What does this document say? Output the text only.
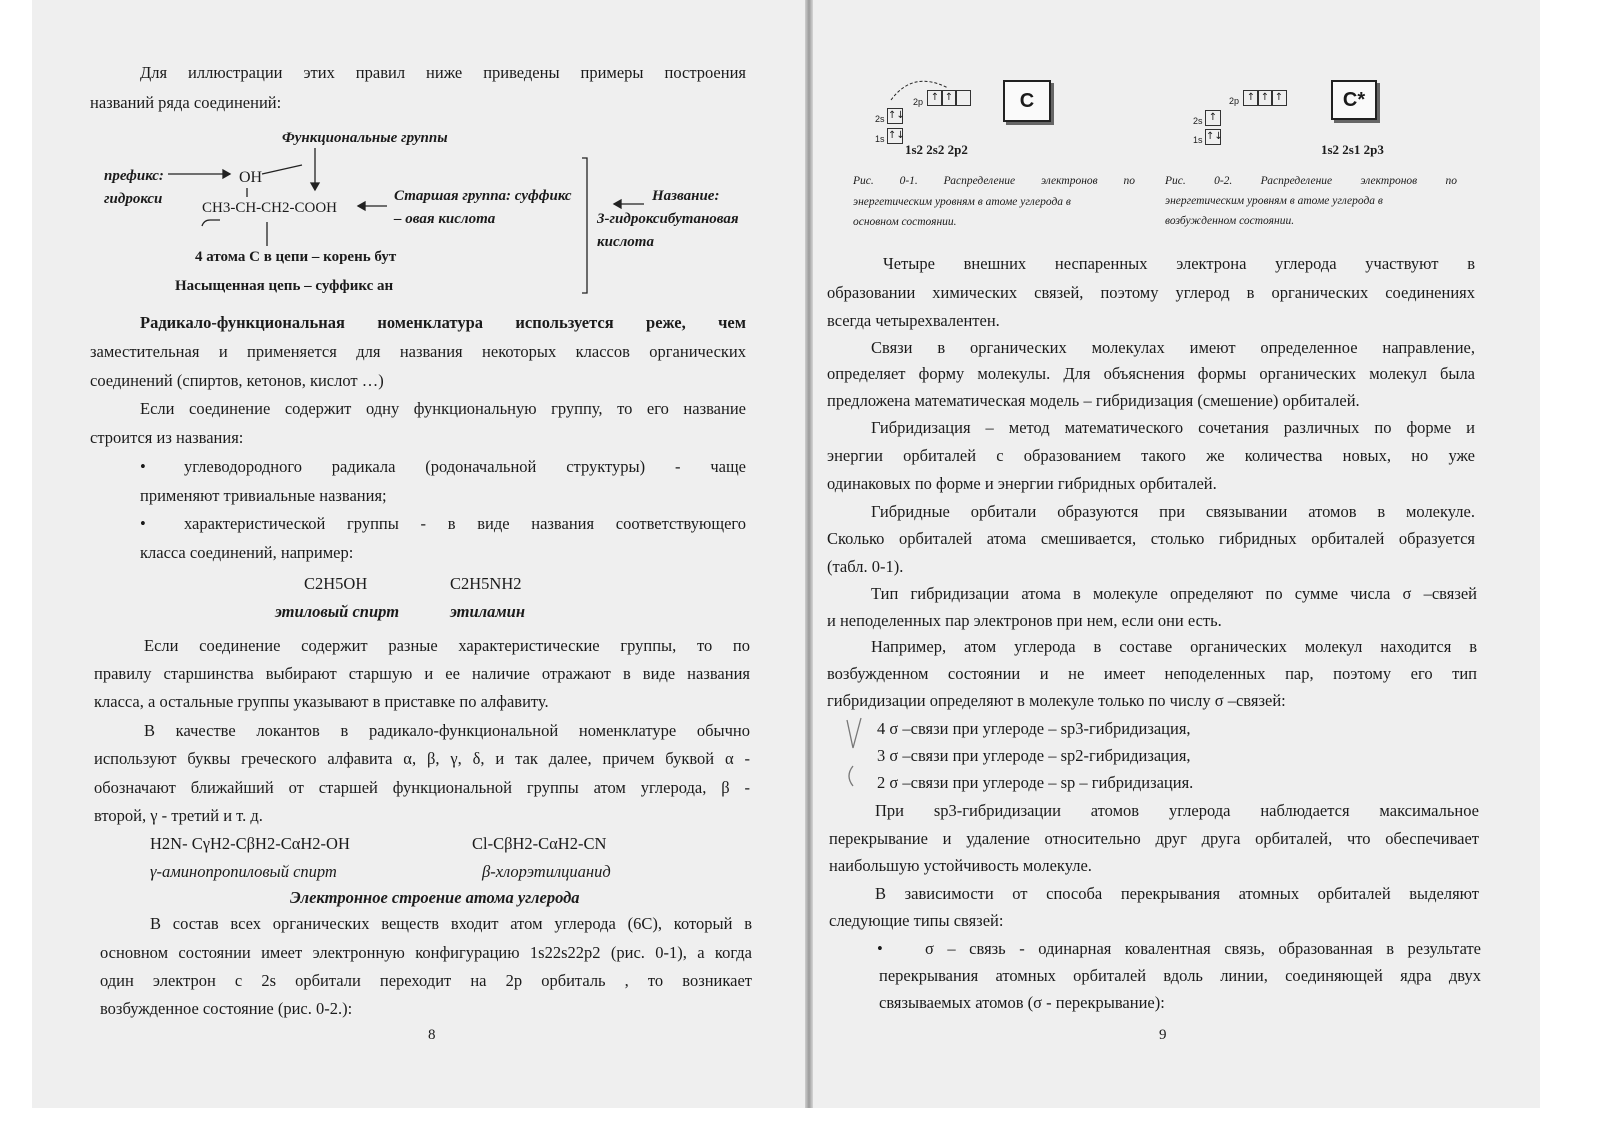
Для иллюстрации этих правил ниже приведены примеры построения
названий ряда соединений:
Функциональные группы
префикс:
гидрокси
OH
CH3-CH-CH2-COOH
Старшая группа: суффикс
– овая кислота
Название:
3-гидроксибутановая
кислота
4 атома С в цепи – корень бут
Насыщенная цепь – суффикс ан
Радикало-функциональная номенклатура используется реже, чем
заместительная и применяется для названия некоторых классов органических
соединений (спиртов, кетонов, кислот …)
Если соединение содержит одну функциональную группу, то его название
строится из названия:
• углеводородного радикала (родоначальной структуры) - чаще
применяют тривиальные названия;
• характеристической группы - в виде названия соответствующего
класса соединений, например:
C2H5OH	C2H5NH2
этиловый спирт	этиламин
Если соединение содержит разные характеристические группы, то по
правилу старшинства выбирают старшую и ее наличие отражают в виде названия
класса, а остальные группы указывают в приставке по алфавиту.
В качестве локантов в радикало-функциональной номенклатуре обычно
используют буквы греческого алфавита α, β, γ, δ, и так далее, причем буквой α -
обозначают ближайший от старшей функциональной группы атом углерода, β -
второй, γ - третий и т. д.
H2N- CγH2-CβH2-CαH2-OH	Cl-CβH2-CαH2-CN
γ-аминопропиловый спирт	β-хлорэтилцианид
Электронное строение атома углерода
В состав всех органических веществ входит атом углерода (6C), который в
основном состоянии имеет электронную конфигурацию 1s22s22p2 (рис. 0-1), а когда
один электрон с 2s орбитали переходит на 2p орбиталь , то возникает
возбужденное состояние (рис. 0-2.):
8
2s ↑↓
1s ↑↓
2p ↑ ↑	C
1s2 2s2 2p2
Рис. 0-1. Распределение электронов по
энергетическим уровням в атоме углерода в
основном состоянии.
2s ↑
1s ↑↓
2p ↑ ↑ ↑	C*
1s2 2s1 2p3
Рис. 0-2. Распределение электронов по
энергетическим уровням в атоме углерода в
возбужденном состоянии.
Четыре внешних неспаренных электрона углерода участвуют в
образовании химических связей, поэтому углерод в органических соединениях
всегда четырехвалентен.
Связи в органических молекулах имеют определенное направление,
определяет форму молекулы. Для объяснения формы органических молекул была
предложена математическая модель – гибридизация (смешение) орбиталей.
Гибридизация – метод математического сочетания различных по форме и
энергии орбиталей с образованием такого же количества новых, но уже
одинаковых по форме и энергии гибридных орбиталей.
Гибридные орбитали образуются при связывании атомов в молекуле.
Сколько орбиталей атома смешивается, столько гибридных орбиталей образуется
(табл. 0-1).
Тип гибридизации атома в молекуле определяют по сумме числа σ –связей
и неподеленных пар электронов при нем, если они есть.
Например, атом углерода в составе органических молекул находится в
возбужденном состоянии и не имеет неподеленных пар, поэтому его тип
гибридизации определяют в молекуле только по числу σ –связей:
4 σ –связи при углероде – sp3-гибридизация,
3 σ –связи при углероде – sp2-гибридизация,
2 σ –связи при углероде – sp – гибридизация.
При sp3-гибридизации атомов углерода наблюдается максимальное
перекрывание и удаление относительно друг друга орбиталей, что обеспечивает
наибольшую устойчивость молекуле.
В зависимости от способа перекрывания атомных орбиталей выделяют
следующие типы связей:
•	σ – связь - одинарная ковалентная связь, образованная в результате
перекрывания атомных орбиталей вдоль линии, соединяющей ядра двух
связываемых атомов (σ - перекрывание):
9
